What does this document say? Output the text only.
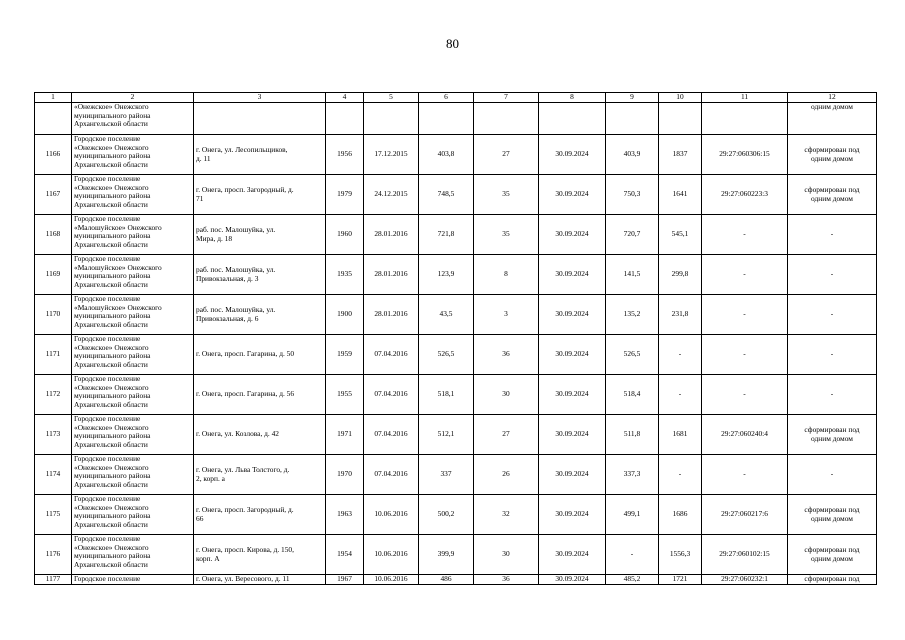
80
1	2	3	4	5	6	7	8	9	10	11	12

	«Онежское» Онежского
муниципального района
Архангельской области										одним домом
1166	Городское поселение
«Онежское» Онежского
муниципального района
Архангельской области	г. Онега, ул. Лесопильщиков,
д. 11	1956	17.12.2015	403,8	27	30.09.2024	403,9	1837	29:27:060306:15	сформирован под
одним домом

1167	Городское поселение
«Онежское» Онежского
муниципального района
Архангельской области	г. Онега, просп. Загородный, д.
71	1979	24.12.2015	748,5	35	30.09.2024	750,3	1641	29:27:060223:3	сформирован под
одним домом

1168	Городское поселение
«Малошуйское» Онежского
муниципального района
Архангельской области	раб. пос. Малошуйка, ул.
Мира, д. 18	1960	28.01.2016	721,8	35	30.09.2024	720,7	545,1	-	-

1169	Городское поселение
«Малошуйское» Онежского
муниципального района
Архангельской области	раб. пос. Малошуйка, ул.
Привокзальная, д. 3	1935	28.01.2016	123,9	8	30.09.2024	141,5	299,8	-	-

1170	Городское поселение
«Малошуйское» Онежского
муниципального района
Архангельской области	раб. пос. Малошуйка, ул.
Привокзальная, д. 6	1900	28.01.2016	43,5	3	30.09.2024	135,2	231,8	-	-

1171	Городское поселение
«Онежское» Онежского
муниципального района
Архангельской области	г. Онега, просп. Гагарина, д. 50	1959	07.04.2016	526,5	36	30.09.2024	526,5	-	-	-

1172	Городское поселение
«Онежское» Онежского
муниципального района
Архангельской области	г. Онега, просп. Гагарина, д. 56	1955	07.04.2016	518,1	30	30.09.2024	518,4	-	-	-

1173	Городское поселение
«Онежское» Онежского
муниципального района
Архангельской области	г. Онега, ул. Козлова, д. 42	1971	07.04.2016	512,1	27	30.09.2024	511,8	1681	29:27:060240:4	сформирован под
одним домом

1174	Городское поселение
«Онежское» Онежского
муниципального района
Архангельской области	г. Онега, ул. Льва Толстого, д.
2, корп. а	1970	07.04.2016	337	26	30.09.2024	337,3	-	-	-

1175	Городское поселение
«Онежское» Онежского
муниципального района
Архангельской области	г. Онега, просп. Загородный, д.
66	1963	10.06.2016	500,2	32	30.09.2024	499,1	1686	29:27:060217:6	сформирован под
одним домом

1176	Городское поселение
«Онежское» Онежского
муниципального района
Архангельской области	г. Онега, просп. Кирова, д. 150,
корп. А	1954	10.06.2016	399,9	30	30.09.2024	-	1556,3	29:27:060102:15	сформирован под
одним домом

1177	Городское поселение	г. Онега, ул. Вересового, д. 11	1967	10.06.2016	486	36	30.09.2024	485,2	1721	29:27:060232:1	сформирован под
